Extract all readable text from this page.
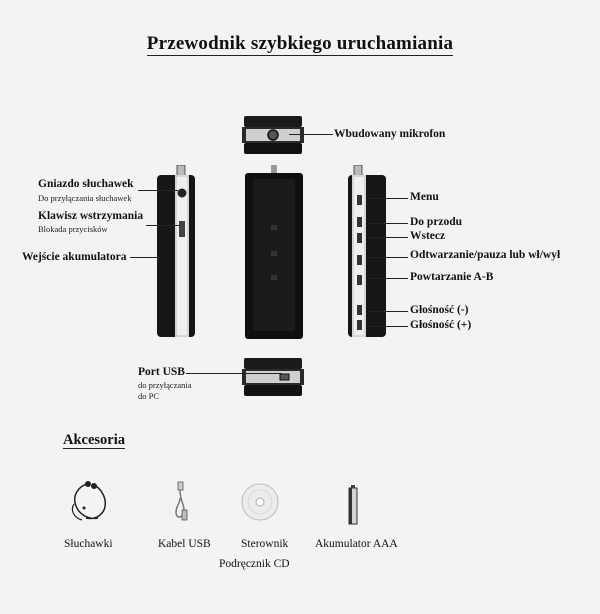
Przewodnik szybkiego uruchamiania
Wbudowany mikrofon
Gniazdo słuchawek
Do przyłączania słuchawek
Klawisz wstrzymania
Blokada przycisków
Wejście akumulatora
Menu
Do przodu
Wstecz
Odtwarzanie/pauza lub wł/wył
Powtarzanie A-B
Głośność (-)
Głośność (+)
Port USB
do przyłączania
do PC
Akcesoria
Słuchawki	Kabel USB	Sterownik
Podręcznik CD
Akumulator AAA
